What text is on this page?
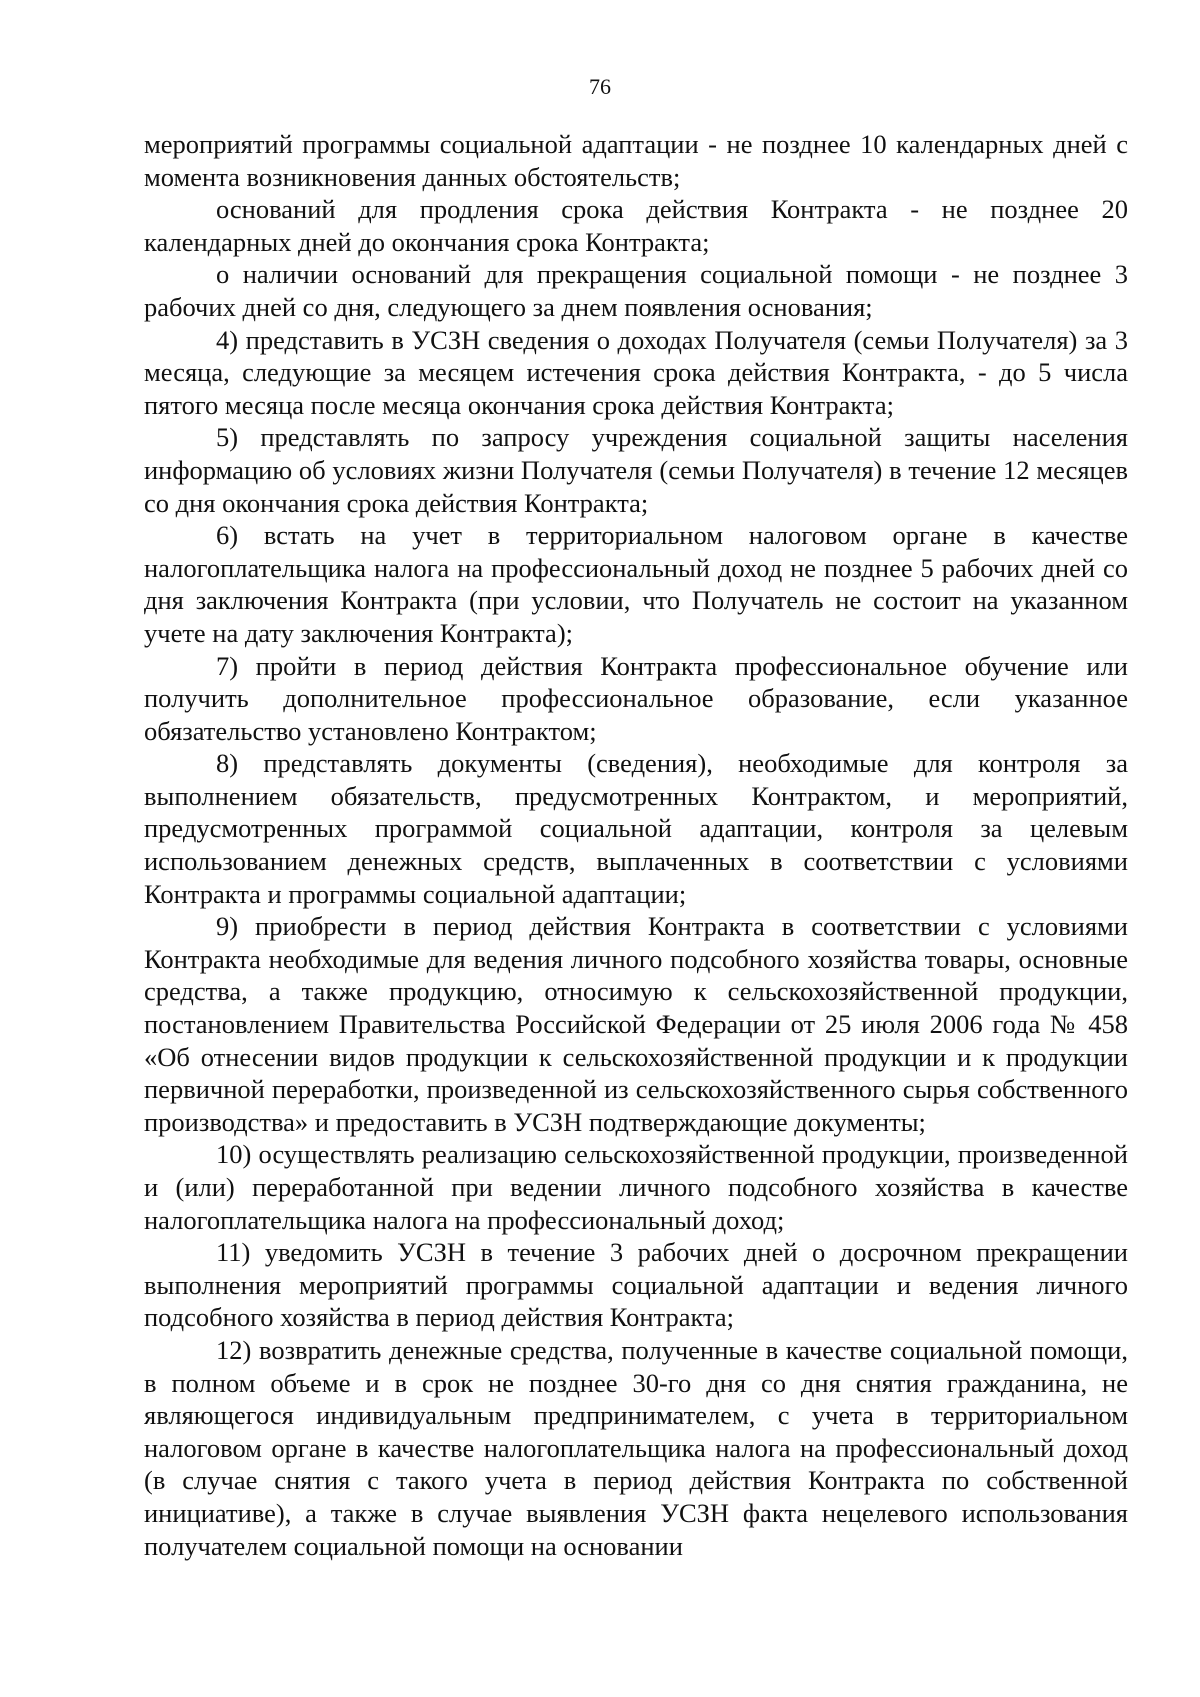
76

мероприятий программы социальной адаптации - не позднее 10 календарных дней с момента возникновения данных обстоятельств;

оснований для продления срока действия Контракта - не позднее 20 календарных дней до окончания срока Контракта;

о наличии оснований для прекращения социальной помощи - не позднее 3 рабочих дней со дня, следующего за днем появления основания;

4) представить в УСЗН сведения о доходах Получателя (семьи Получателя) за 3 месяца, следующие за месяцем истечения срока действия Контракта, - до 5 числа пятого месяца после месяца окончания срока действия Контракта;

5) представлять по запросу учреждения социальной защиты населения информацию об условиях жизни Получателя (семьи Получателя) в течение 12 месяцев со дня окончания срока действия Контракта;

6) встать на учет в территориальном налоговом органе в качестве налогоплательщика налога на профессиональный доход не позднее 5 рабочих дней со дня заключения Контракта (при условии, что Получатель не состоит на указанном учете на дату заключения Контракта);

7) пройти в период действия Контракта профессиональное обучение или получить дополнительное профессиональное образование, если указанное обязательство установлено Контрактом;

8) представлять документы (сведения), необходимые для контроля за выполнением обязательств, предусмотренных Контрактом, и мероприятий, предусмотренных программой социальной адаптации, контроля за целевым использованием денежных средств, выплаченных в соответствии с условиями Контракта и программы социальной адаптации;

9) приобрести в период действия Контракта в соответствии с условиями Контракта необходимые для ведения личного подсобного хозяйства товары, основные средства, а также продукцию, относимую к сельскохозяйственной продукции, постановлением Правительства Российской Федерации от 25 июля 2006 года № 458 «Об отнесении видов продукции к сельскохозяйственной продукции и к продукции первичной переработки, произведенной из сельскохозяйственного сырья собственного производства» и предоставить в УСЗН подтверждающие документы;

10) осуществлять реализацию сельскохозяйственной продукции, произведенной и (или) переработанной при ведении личного подсобного хозяйства в качестве налогоплательщика налога на профессиональный доход;

11) уведомить УСЗН в течение 3 рабочих дней о досрочном прекращении выполнения мероприятий программы социальной адаптации и ведения личного подсобного хозяйства в период действия Контракта;

12) возвратить денежные средства, полученные в качестве социальной помощи, в полном объеме и в срок не позднее 30-го дня со дня снятия гражданина, не являющегося индивидуальным предпринимателем, с учета в территориальном налоговом органе в качестве налогоплательщика налога на профессиональный доход (в случае снятия с такого учета в период действия Контракта по собственной инициативе), а также в случае выявления УСЗН факта нецелевого использования получателем социальной помощи на основании
